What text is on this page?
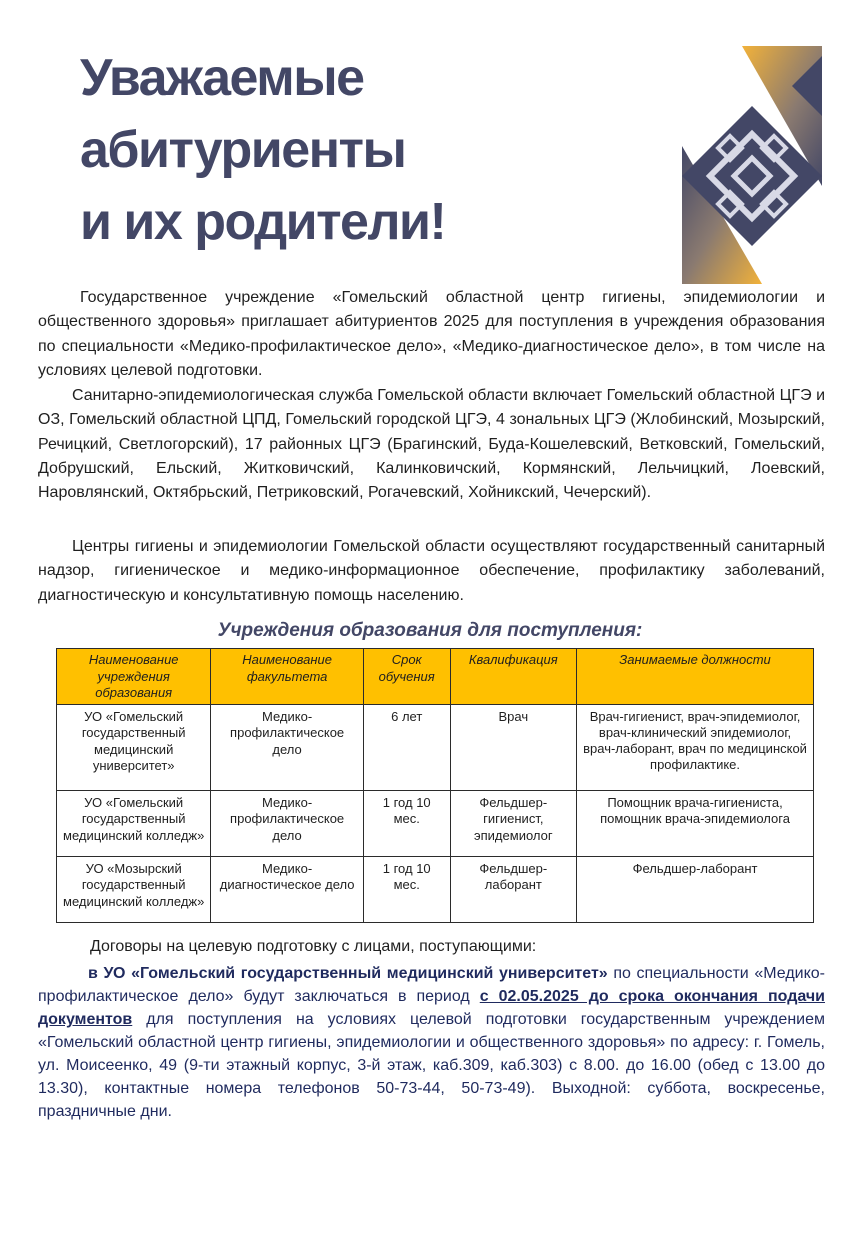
Уважаемые
абитуриенты
и их родители!

Государственное учреждение «Гомельский областной центр гигиены, эпидемиологии и общественного здоровья» приглашает абитуриентов 2025 для поступления в учреждения образования по специальности «Медико-профилактическое дело», «Медико-диагностическое дело», в том числе на условиях целевой подготовки.

Санитарно-эпидемиологическая служба Гомельской области включает Гомельский областной ЦГЭ и ОЗ, Гомельский областной ЦПД, Гомельский городской ЦГЭ, 4 зональных ЦГЭ (Жлобинский, Мозырский, Речицкий, Светлогорский), 17 районных ЦГЭ (Брагинский, Буда-Кошелевский, Ветковский, Гомельский, Добрушский, Ельский, Житковичский, Калинковичский, Кормянский, Лельчицкий, Лоевский, Наровлянский, Октябрьский, Петриковский, Рогачевский, Хойникский, Чечерский).

Центры гигиены и эпидемиологии Гомельской области осуществляют государственный санитарный надзор, гигиеническое и медико-информационное обеспечение, профилактику заболеваний, диагностическую и консультативную помощь населению.

Учреждения образования для поступления:
Наименование учреждения образования	Наименование факультета	Срок обучения	Квалификация	Занимаемые должности
УО «Гомельский государственный медицинский университет»	Медико-профилактическое дело	6 лет	Врач	Врач-гигиенист, врач-эпидемиолог, врач-клинический эпидемиолог, врач-лаборант, врач по медицинской профилактике.
УО «Гомельский государственный медицинский колледж»	Медико-профилактическое дело	1 год 10 мес.	Фельдшер-гигиенист, эпидемиолог	Помощник врача-гигиениста, помощник врача-эпидемиолога
УО «Мозырский государственный медицинский колледж»	Медико-диагностическое дело	1 год 10 мес.	Фельдшер-лаборант	Фельдшер-лаборант
Договоры на целевую подготовку с лицами, поступающими:

в УО «Гомельский государственный медицинский университет» по специальности «Медико-профилактическое дело» будут заключаться в период с 02.05.2025 до срока окончания подачи документов для поступления на условиях целевой подготовки государственным учреждением «Гомельский областной центр гигиены, эпидемиологии и общественного здоровья» по адресу: г. Гомель, ул. Моисеенко, 49 (9-ти этажный корпус, 3-й этаж, каб.309, каб.303) с 8.00. до 16.00 (обед с 13.00 до 13.30), контактные номера телефонов 50-73-44, 50-73-49). Выходной: суббота, воскресенье, праздничные дни.
